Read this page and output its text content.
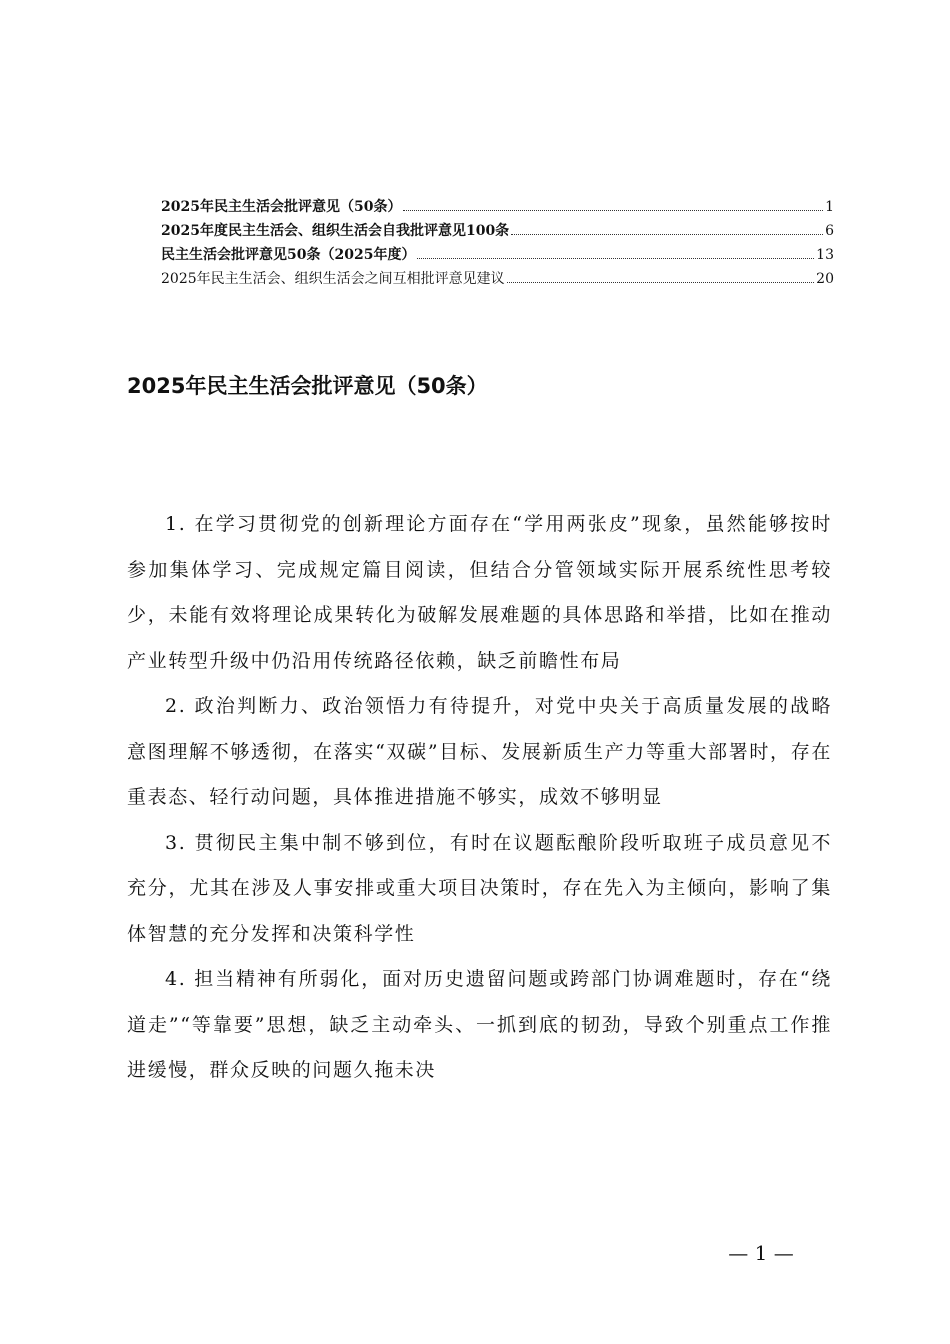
2025年民主生活会批评意见（50条）	1
2025年度民主生活会、组织生活会自我批评意见100条	6
民主生活会批评意见50条（2025年度）	13
2025年民主生活会、组织生活会之间互相批评意见建议	20
2025年民主生活会批评意见（50条）

1. 在学习贯彻党的创新理论方面存在“学用两张皮”现象，虽然能够按时参加集体学习、完成规定篇目阅读，但结合分管领域实际开展系统性思考较少，未能有效将理论成果转化为破解发展难题的具体思路和举措，比如在推动产业转型升级中仍沿用传统路径依赖，缺乏前瞻性布局

2. 政治判断力、政治领悟力有待提升，对党中央关于高质量发展的战略意图理解不够透彻，在落实“双碳”目标、发展新质生产力等重大部署时，存在重表态、轻行动问题，具体推进措施不够实，成效不够明显

3. 贯彻民主集中制不够到位，有时在议题酝酿阶段听取班子成员意见不充分，尤其在涉及人事安排或重大项目决策时，存在先入为主倾向，影响了集体智慧的充分发挥和决策科学性

4. 担当精神有所弱化，面对历史遗留问题或跨部门协调难题时，存在“绕道走”“等靠要”思想，缺乏主动牵头、一抓到底的韧劲，导致个别重点工作推进缓慢，群众反映的问题久拖未决

— 1 —
